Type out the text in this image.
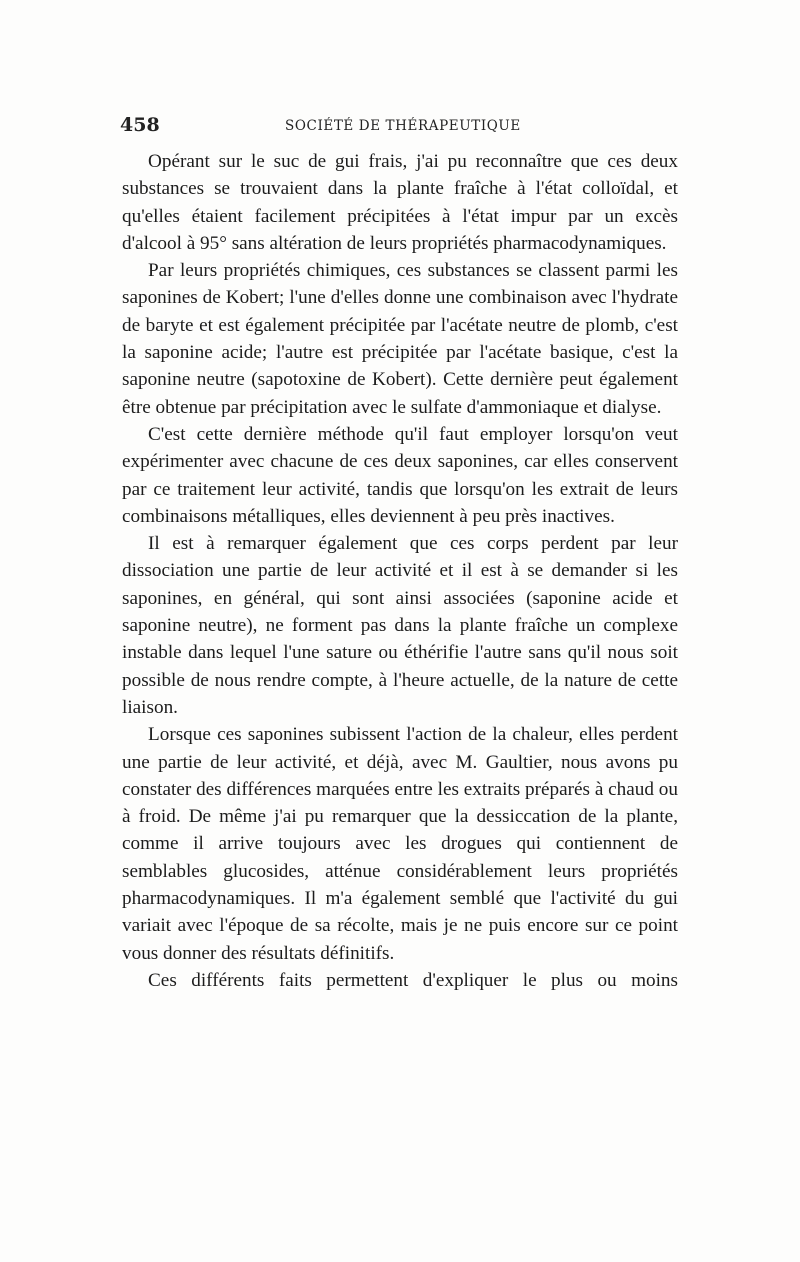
458	SOCIÉTÉ DE THÉRAPEUTIQUE

Opérant sur le suc de gui frais, j'ai pu reconnaître que ces deux substances se trouvaient dans la plante fraîche à l'état colloïdal, et qu'elles étaient facilement précipitées à l'état impur par un excès d'alcool à 95° sans altération de leurs propriétés pharmacodynamiques.

Par leurs propriétés chimiques, ces substances se classent parmi les saponines de Kobert; l'une d'elles donne une combinaison avec l'hydrate de baryte et est également précipitée par l'acétate neutre de plomb, c'est la saponine acide; l'autre est précipitée par l'acétate basique, c'est la saponine neutre (sapotoxine de Kobert). Cette dernière peut également être obtenue par précipitation avec le sulfate d'ammoniaque et dialyse.

C'est cette dernière méthode qu'il faut employer lorsqu'on veut expérimenter avec chacune de ces deux saponines, car elles conservent par ce traitement leur activité, tandis que lorsqu'on les extrait de leurs combinaisons métalliques, elles deviennent à peu près inactives.

Il est à remarquer également que ces corps perdent par leur dissociation une partie de leur activité et il est à se demander si les saponines, en général, qui sont ainsi associées (saponine acide et saponine neutre), ne forment pas dans la plante fraîche un complexe instable dans lequel l'une sature ou éthérifie l'autre sans qu'il nous soit possible de nous rendre compte, à l'heure actuelle, de la nature de cette liaison.

Lorsque ces saponines subissent l'action de la chaleur, elles perdent une partie de leur activité, et déjà, avec M. Gaultier, nous avons pu constater des différences marquées entre les extraits préparés à chaud ou à froid. De même j'ai pu remarquer que la dessiccation de la plante, comme il arrive toujours avec les drogues qui contiennent de semblables glucosides, atténue considérablement leurs propriétés pharmacodynamiques. Il m'a également semblé que l'activité du gui variait avec l'époque de sa récolte, mais je ne puis encore sur ce point vous donner des résultats définitifs.

Ces différents faits permettent d'expliquer le plus ou moins
